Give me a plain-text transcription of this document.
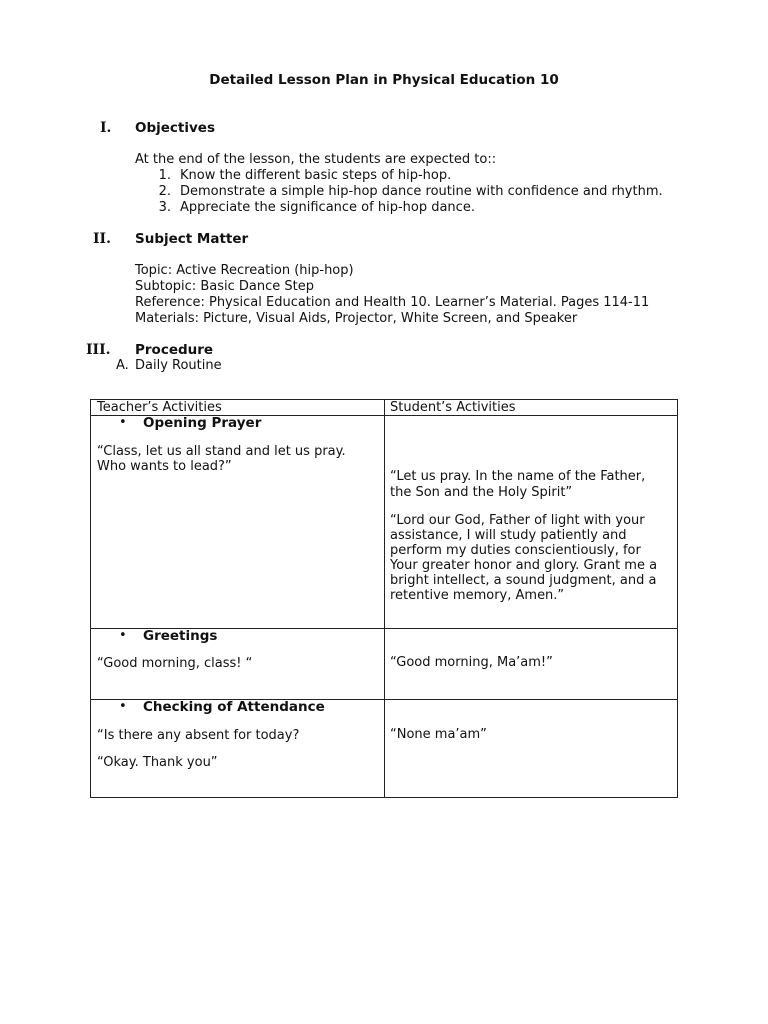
Detailed Lesson Plan in Physical Education 10
I. Objectives
At the end of the lesson, the students are expected to::
1. Know the different basic steps of hip-hop.
2. Demonstrate a simple hip-hop dance routine with confidence and rhythm.
3. Appreciate the significance of hip-hop dance.
II. Subject Matter
Topic: Active Recreation (hip-hop)
Subtopic: Basic Dance Step
Reference: Physical Education and Health 10. Learner’s Material. Pages 114-11
Materials: Picture, Visual Aids, Projector, White Screen, and Speaker
III. Procedure
A. Daily Routine
Teacher’s Activities	Student’s Activities
• Opening Prayer
“Class, let us all stand and let us pray.
Who wants to lead?”
“Let us pray. In the name of the Father,
the Son and the Holy Spirit”
“Lord our God, Father of light with your
assistance, I will study patiently and
perform my duties conscientiously, for
Your greater honor and glory. Grant me a
bright intellect, a sound judgment, and a
retentive memory, Amen.”
• Greetings
“Good morning, class! “	“Good morning, Ma’am!”
• Checking of Attendance
“Is there any absent for today?
“Okay. Thank you”
“None ma’am”
